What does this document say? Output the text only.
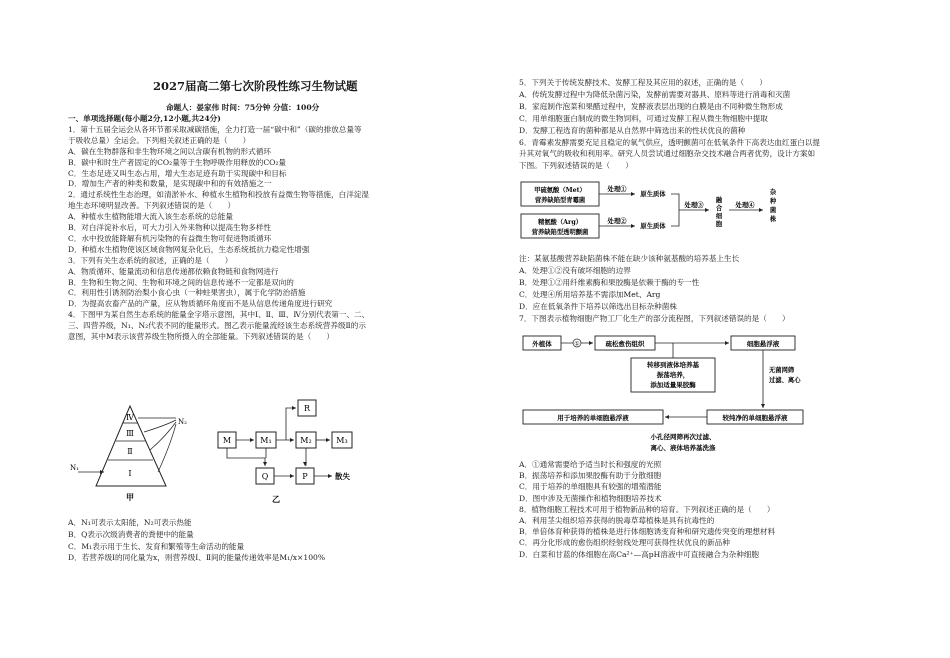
2027届高二第七次阶段性练习生物试题
命题人：晏家伟 时间：75分钟 分值：100分
一、单项选择题(每小题2分,12小题,共24分)
1．第十五届全运会从各环节都采取减碳措施，全力打造一届“碳中和”（碳的排放总量等
于吸收总量）全运会。下列相关叙述正确的是（　　）
A．碳在生物群落和非生物环境之间以含碳有机物的形式循环
B．碳中和时生产者固定的CO₂量等于生物呼吸作用释放的CO₂量
C．生态足迹又叫生态占用，增大生态足迹有助于实现碳中和目标
D．增加生产者的种类和数量，是实现碳中和的有效措施之一
2．通过系统性生态治理，如清淤补水、种植水生植物和投放有益微生物等措施，白洋淀湿
地生态环境明显改善。下列叙述错误的是（　　）
A．种植水生植物能增大流入该生态系统的总能量
B．对白洋淀补水后，可大力引入外来物种以提高生物多样性
C．水中投放能降解有机污染物的有益微生物可促进物质循环
D．种植水生植物使该区域食物网复杂化后，生态系统抵抗力稳定性增强
3．下列有关生态系统的叙述，正确的是（　　）
A．物质循环、能量流动和信息传递都依赖食物链和食物网进行
B．生物和生物之间、生物和环境之间的信息传递不一定都是双向的
C．利用性引诱剂防治梨小食心虫（一种蛀果害虫），属于化学防治措施
D．为提高农畜产品的产量，应从物质循环角度而不是从信息传递角度进行研究
4．下图甲为某自然生态系统的能量金字塔示意图，其中Ⅰ、Ⅱ、Ⅲ、Ⅳ分别代表第一、二、
三、四营养级，N₁、N₂代表不同的能量形式。图乙表示能量流经该生态系统营养级Ⅱ的示
意图，其中M表示该营养级生物所摄入的全部能量。下列叙述错误的是（　　）
Ⅳ
Ⅲ
Ⅱ
Ⅰ
N₁
N₂
甲
M	M₁	M₂	M₃
R
Q	P	散失
乙
A．N₁可表示太阳能，N₂可表示热能
B．Q表示次级消费者的粪便中的能量
C．M₁表示用于生长、发育和繁殖等生命活动的能量
D．若营养级Ⅰ的同化量为x，则营养级Ⅰ、Ⅱ间的能量传递效率是M₁/x×100%
5．下列关于传统发酵技术、发酵工程及其应用的叙述，正确的是（　　）
A．传统发酵过程中为降低杂菌污染，发酵前需要对器具、原料等进行消毒和灭菌
B．家庭制作泡菜和果醋过程中，发酵液表层出现的白膜是由不同种微生物形成
C．用单细胞蛋白制成的微生物饲料，可通过发酵工程从微生物细胞中提取
D．发酵工程选育的菌种都是从自然界中筛选出来的性状优良的菌种
6．青霉素发酵需要充足且稳定的氧气供应，透明颤菌可在低氧条件下高表达血红蛋白以提
升其对氧气的吸收和利用率。研究人员尝试通过细胞杂交技术融合两者优势，设计方案如
下图。下列叙述错误的是（　　）
甲硫氨酸（Met）
营养缺陷型青霉菌
精氨酸（Arg）
营养缺陷型透明颤菌
处理①
处理②
原生质体
原生质体
处理③	处理④
融合细胞
杂种菌株
注：某氨基酸营养缺陷菌株不能在缺少该种氨基酸的培养基上生长
A．处理①②没有破坏细胞的边界
B．处理①②用纤维素酶和果胶酶是依赖于酶的专一性
C．处理④所用培养基不需添加Met、Arg
D．应在低氧条件下培养以筛选出目标杂种菌株
7．下图表示植物细胞产物工厂化生产的部分流程图，下列叙述错误的是（　　）
①
外植体	疏松愈伤组织
转移到液体培养基
振荡培养，
添加适量果胶酶
细胞悬浮液
无菌网筛
过滤、离心
较纯净的单细胞悬浮液
用于培养的单细胞悬浮液
小孔径网筛再次过滤、
离心、液体培养基洗涤
A．①通常需要给予适当时长和强度的光照
B．振荡培养和添加果胶酶有助于分散细胞
C．用于培养的单细胞具有较强的增殖潜能
D．图中涉及无菌操作和植物细胞培养技术
8．植物细胞工程技术可用于植物新品种的培育。下列叙述正确的是（　　）
A．利用茎尖组织培养获得的脱毒草莓植株是具有抗毒性的
B．单倍体育种获得的植株是进行体细胞诱变育种和研究遗传突变的理想材料
C．再分化形成的愈伤组织经射线处理可获得性状优良的新品种
D．白菜和甘蓝的体细胞在高Ca²⁺—高pH溶液中可直接融合为杂种细胞
